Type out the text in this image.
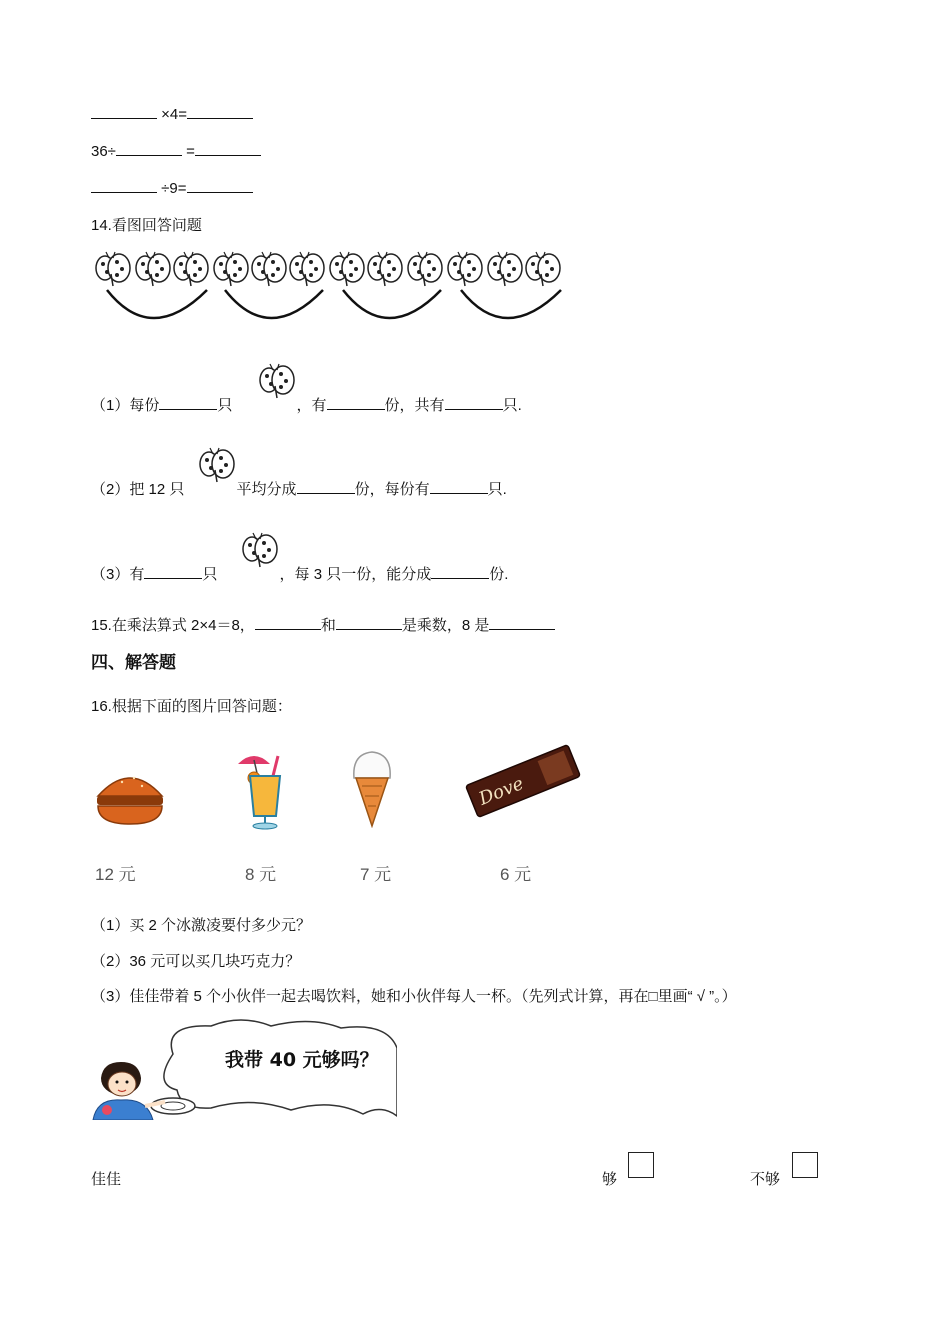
×4=
36÷	=
÷9=
14.看图回答问题
（1）每份	只	，有	份，共有	只.
（2）把 12 只	平均分成	份，每份有	只.
（3）有	只	，每 3 只一份，能分成	份.
15.在乘法算式 2×4＝8，	和	是乘数，8 是
四、解答题
16.根据下面的图片回答问题：
Dove
12 元	8 元	7 元	6 元
（1）买 2 个冰激凌要付多少元？
（2）36 元可以买几块巧克力？
（3）佳佳带着 5 个小伙伴一起去喝饮料，她和小伙伴每人一杯。（先列式计算，再在□里画“ √ ”。）
我带 40 元够吗？
佳佳	够	不够
